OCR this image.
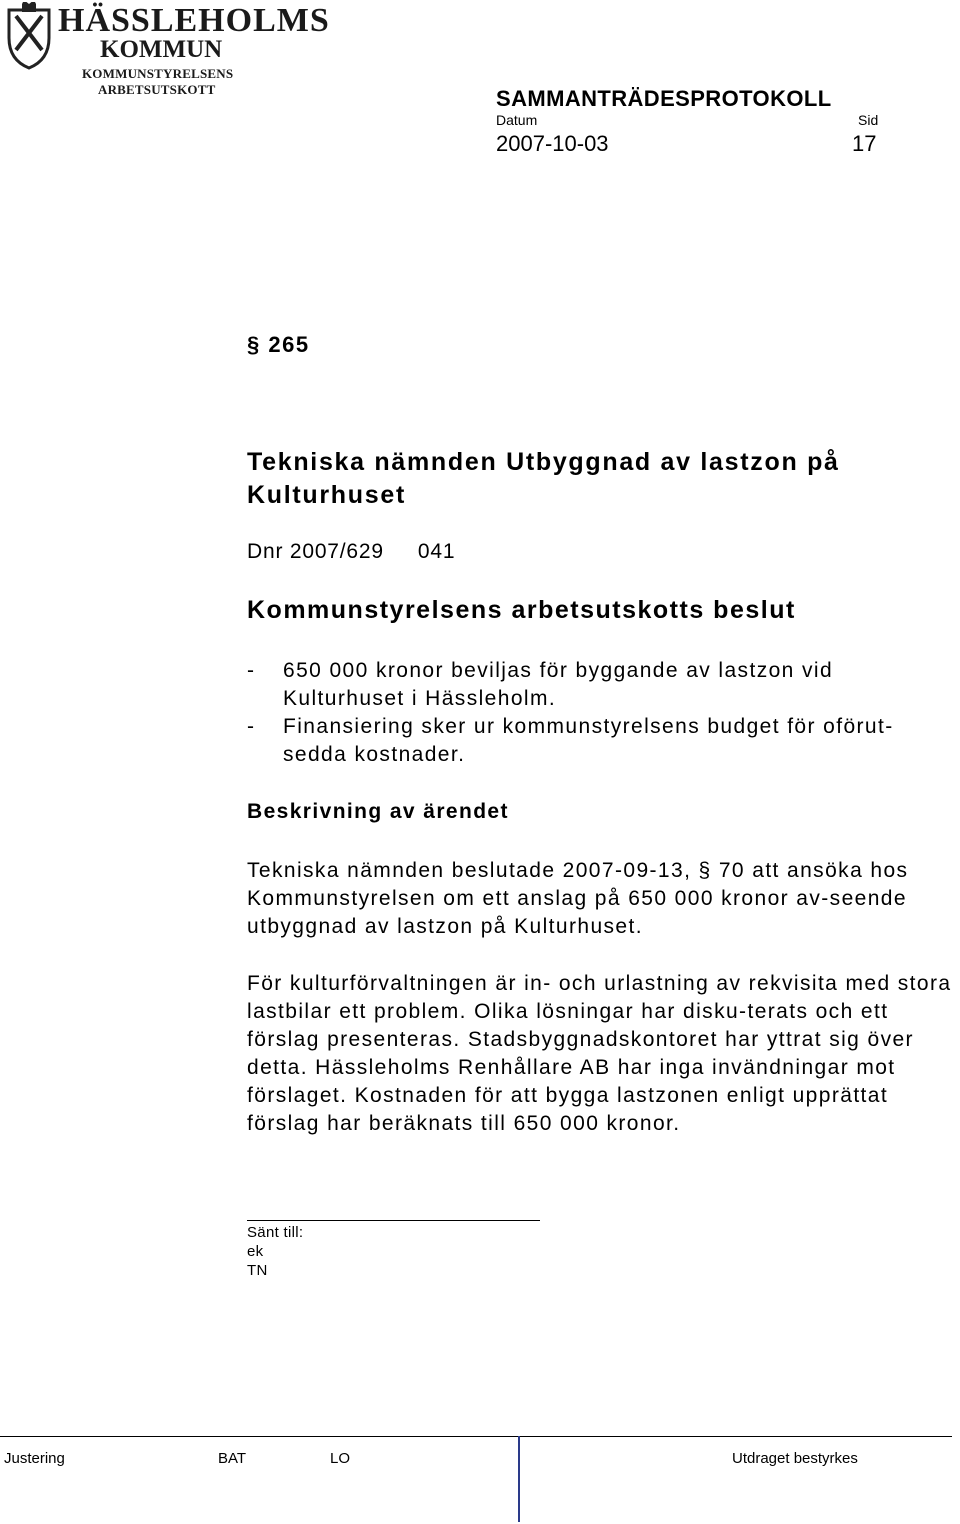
HÄSSLEHOLMS
KOMMUN
KOMMUNSTYRELSENS
ARBETSUTSKOTT	SAMMANTRÄDESPROTOKOLL
Datum	Sid
2007-10-03	17
§ 265
Tekniska nämnden Utbyggnad av lastzon på Kulturhuset
Dnr 2007/629 041
Kommunstyrelsens arbetsutskotts beslut
-	650 000 kronor beviljas för byggande av lastzon vid Kulturhuset i Hässleholm.
-	Finansiering sker ur kommunstyrelsens budget för oförut-sedda kostnader.
Beskrivning av ärendet
Tekniska nämnden beslutade 2007-09-13, § 70 att ansöka hos Kommunstyrelsen om ett anslag på 650 000 kronor av-seende utbyggnad av lastzon på Kulturhuset.
För kulturförvaltningen är in- och urlastning av rekvisita med stora lastbilar ett problem. Olika lösningar har disku-terats och ett förslag presenteras. Stadsbyggnadskontoret har yttrat sig över detta. Hässleholms Renhållare AB har inga invändningar mot förslaget. Kostnaden för att bygga lastzonen enligt upprättat förslag har beräknats till 650 000 kronor.
Sänt till:
ek
TN
Justering	BAT	LO	Utdraget bestyrkes
